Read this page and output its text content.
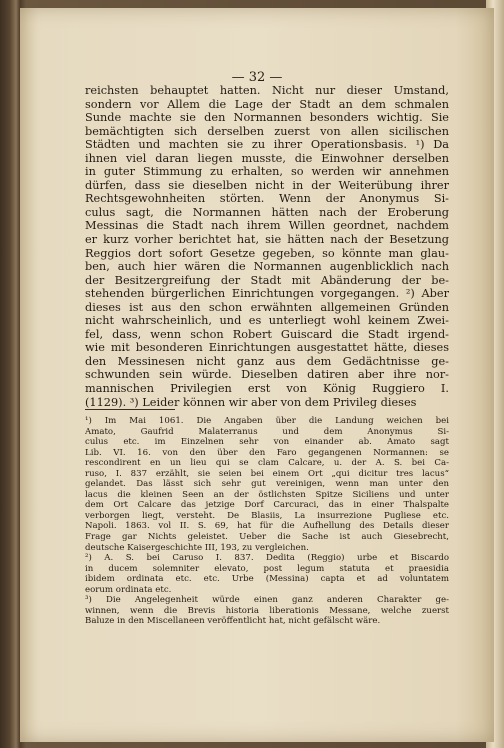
— 32 —
reichsten behauptet hatten. Nicht nur dieser Umstand,
sondern vor Allem die Lage der Stadt an dem schmalen
Sunde machte sie den Normannen besonders wichtig. Sie
bemächtigten sich derselben zuerst von allen sicilischen
Städten und machten sie zu ihrer Operationsbasis. ¹) Da
ihnen viel daran liegen musste, die Einwohner derselben
in guter Stimmung zu erhalten, so werden wir annehmen
dürfen, dass sie dieselben nicht in der Weiterübung ihrer
Rechtsgewohnheiten störten. Wenn der Anonymus Si-
culus sagt, die Normannen hätten nach der Eroberung
Messinas die Stadt nach ihrem Willen geordnet, nachdem
er kurz vorher berichtet hat, sie hätten nach der Besetzung
Reggios dort sofort Gesetze gegeben, so könnte man glau-
ben, auch hier wären die Normannen augenblicklich nach
der Besitzergreifung der Stadt mit Abänderung der be-
stehenden bürgerlichen Einrichtungen vorgegangen. ²) Aber
dieses ist aus den schon erwähnten allgemeinen Gründen
nicht wahrscheinlich, und es unterliegt wohl keinem Zwei-
fel, dass, wenn schon Robert Guiscard die Stadt irgend-
wie mit besonderen Einrichtungen ausgestattet hätte, dieses
den Messinesen nicht ganz aus dem Gedächtnisse ge-
schwunden sein würde. Dieselben datiren aber ihre nor-
mannischen Privilegien erst von König Ruggiero I.
(1129). ³) Leider können wir aber von dem Privileg dieses
¹) Im Mai 1061. Die Angaben über die Landung weichen bei
Amato, Gaufrid Malaterranus und dem Anonymus Si-
culus etc. im Einzelnen sehr von einander ab. Amato sagt
Lib. VI. 16. von den über den Faro gegangenen Normannen: se
rescondirent en un lieu qui se clam Calcare, u. der A. S. bei Ca-
ruso, I. 837 erzählt, sie seien bei einem Ort „qui dicitur tres lacus“
gelandet. Das lässt sich sehr gut vereinigen, wenn man unter den
lacus die kleinen Seen an der östlichsten Spitze Siciliens und unter
dem Ort Calcare das jetzige Dorf Carcuraci, das in einer Thalspalte
verborgen liegt, versteht. De Blasiis, La insurrezione Pugliese etc.
Napoli. 1863. vol II. S. 69, hat für die Aufhellung des Details dieser
Frage gar Nichts geleistet. Ueber die Sache ist auch Giesebrecht,
deutsche Kaisergeschichte III, 193, zu vergleichen.
²) A. S. bei Caruso I. 837. Dedita (Reggio) urbe et Biscardo
in ducem solemniter elevato, post legum statuta et praesidia
ibidem ordinata etc. etc. Urbe (Messina) capta et ad voluntatem
eorum ordinata etc.
³) Die Angelegenheit würde einen ganz anderen Charakter ge-
winnen, wenn die Brevis historia liberationis Messane, welche zuerst
Baluze in den Miscellaneen veröffentlicht hat, nicht gefälscht wäre.
